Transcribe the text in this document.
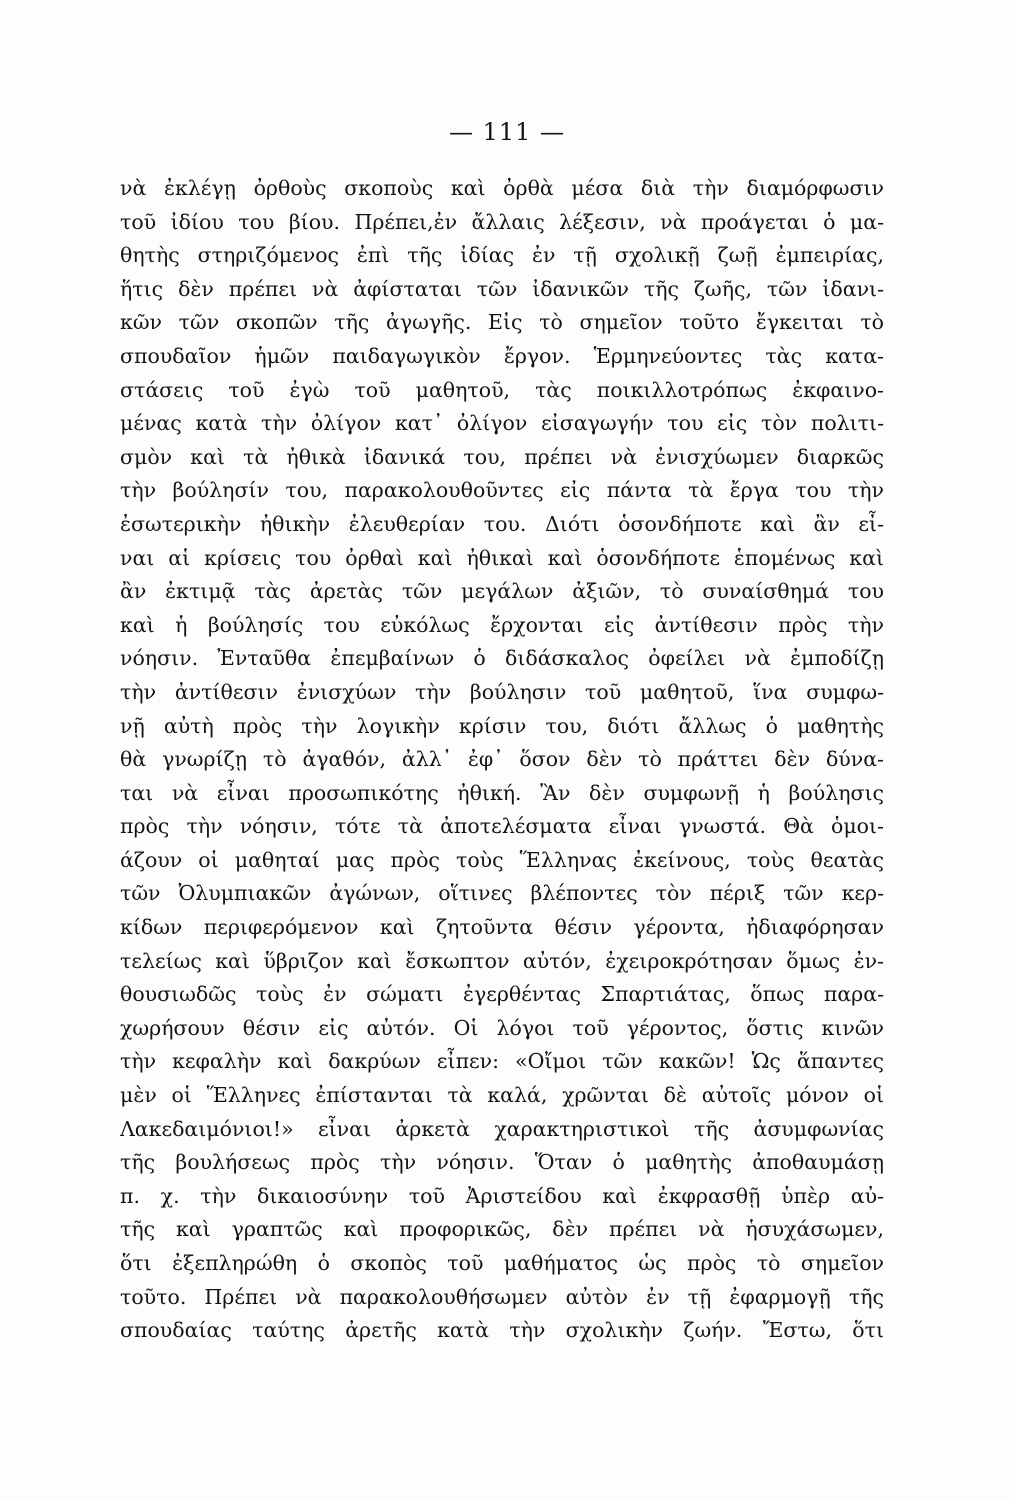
— 111 —
νὰ ἐκλέγῃ ὀρθοὺς σκοποὺς καὶ ὀρθὰ μέσα διὰ τὴν διαμόρφωσιν
τοῦ ἰδίου του βίου. Πρέπει,ἐν ἄλλαις λέξεσιν, νὰ προάγεται ὁ μα-
θητὴς στηριζόμενος ἐπὶ τῆς ἰδίας ἐν τῇ σχολικῇ ζωῇ ἐμπειρίας,
ἥτις δὲν πρέπει νὰ ἀφίσταται τῶν ἰδανικῶν τῆς ζωῆς, τῶν ἰδανι-
κῶν τῶν σκοπῶν τῆς ἀγωγῆς. Εἰς τὸ σημεῖον τοῦτο ἔγκειται τὸ
σπουδαῖον ἡμῶν παιδαγωγικὸν ἔργον. Ἑρμηνεύοντες τὰς κατα-
στάσεις τοῦ ἐγὼ τοῦ μαθητοῦ, τὰς ποικιλλοτρόπως ἐκφαινο-
μένας κατὰ τὴν ὀλίγον κατ᾽ ὀλίγον εἰσαγωγήν του εἰς τὸν πολιτι-
σμὸν καὶ τὰ ἠθικὰ ἰδανικά του, πρέπει νὰ ἐνισχύωμεν διαρκῶς
τὴν βούλησίν του, παρακολουθοῦντες εἰς πάντα τὰ ἔργα του τὴν
ἐσωτερικὴν ἠθικὴν ἐλευθερίαν του. Διότι ὁσονδήποτε καὶ ἂν εἶ-
ναι αἱ κρίσεις του ὀρθαὶ καὶ ἠθικαὶ καὶ ὁσονδήποτε ἑπομένως καὶ
ἂν ἐκτιμᾷ τὰς ἀρετὰς τῶν μεγάλων ἀξιῶν, τὸ συναίσθημά του
καὶ ἡ βούλησίς του εὐκόλως ἔρχονται εἰς ἀντίθεσιν πρὸς τὴν
νόησιν. Ἐνταῦθα ἐπεμβαίνων ὁ διδάσκαλος ὀφείλει νὰ ἐμποδίζῃ
τὴν ἀντίθεσιν ἐνισχύων τὴν βούλησιν τοῦ μαθητοῦ, ἵνα συμφω-
νῇ αὐτὴ πρὸς τὴν λογικὴν κρίσιν του, διότι ἄλλως ὁ μαθητὴς
θὰ γνωρίζῃ τὸ ἀγαθόν, ἀλλ᾽ ἐφ᾽ ὅσον δὲν τὸ πράττει δὲν δύνα-
ται νὰ εἶναι προσωπικότης ἠθική. Ἂν δὲν συμφωνῇ ἡ βούλησις
πρὸς τὴν νόησιν, τότε τὰ ἀποτελέσματα εἶναι γνωστά. Θὰ ὁμοι-
άζουν οἱ μαθηταί μας πρὸς τοὺς Ἕλληνας ἐκείνους, τοὺς θεατὰς
τῶν Ὀλυμπιακῶν ἀγώνων, οἵτινες βλέποντες τὸν πέριξ τῶν κερ-
κίδων περιφερόμενον καὶ ζητοῦντα θέσιν γέροντα, ἠδιαφόρησαν
τελείως καὶ ὕβριζον καὶ ἔσκωπτον αὐτόν, ἐχειροκρότησαν ὅμως ἐν-
θουσιωδῶς τοὺς ἐν σώματι ἐγερθέντας Σπαρτιάτας, ὅπως παρα-
χωρήσουν θέσιν εἰς αὐτόν. Οἱ λόγοι τοῦ γέροντος, ὅστις κινῶν
τὴν κεφαλὴν καὶ δακρύων εἶπεν: «Οἴμοι τῶν κακῶν! Ὡς ἅπαντες
μὲν οἱ Ἕλληνες ἐπίστανται τὰ καλά, χρῶνται δὲ αὐτοῖς μόνον οἱ
Λακεδαιμόνιοι!» εἶναι ἀρκετὰ χαρακτηριστικοὶ τῆς ἀσυμφωνίας
τῆς βουλήσεως πρὸς τὴν νόησιν. Ὅταν ὁ μαθητὴς ἀποθαυμάσῃ
π. χ. τὴν δικαιοσύνην τοῦ Ἀριστείδου καὶ ἐκφρασθῇ ὑπὲρ αὐ-
τῆς καὶ γραπτῶς καὶ προφορικῶς, δὲν πρέπει νὰ ἡσυχάσωμεν,
ὅτι ἐξεπληρώθη ὁ σκοπὸς τοῦ μαθήματος ὡς πρὸς τὸ σημεῖον
τοῦτο. Πρέπει νὰ παρακολουθήσωμεν αὐτὸν ἐν τῇ ἐφαρμογῇ τῆς
σπουδαίας ταύτης ἀρετῆς κατὰ τὴν σχολικὴν ζωήν. Ἔστω, ὅτι
